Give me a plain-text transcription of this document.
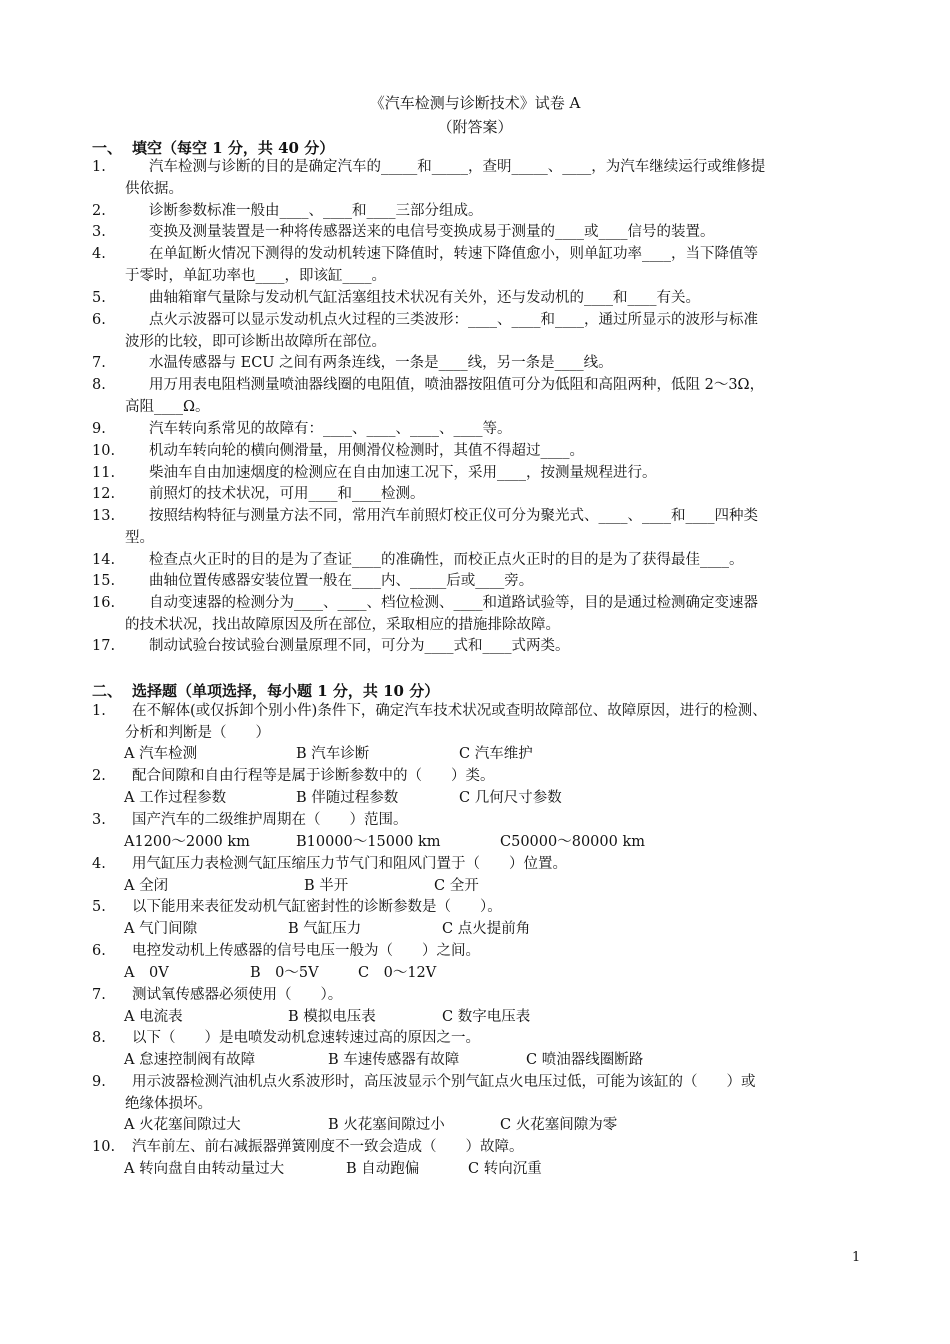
《汽车检测与诊断技术》试卷 A
（附答案）
一、 填空（每空 1 分，共 40 分）
1.	汽车检测与诊断的目的是确定汽车的_____和_____，查明_____、____，为汽车继续运行或维修提
供依据。
2.	诊断参数标准一般由____、____和____三部分组成。
3.	变换及测量装置是一种将传感器送来的电信号变换成易于测量的____或____信号的装置。
4.	在单缸断火情况下测得的发动机转速下降值时，转速下降值愈小，则单缸功率____，当下降值等
于零时，单缸功率也____，即该缸____。
5.	曲轴箱窜气量除与发动机气缸活塞组技术状况有关外，还与发动机的____和____有关。
6.	点火示波器可以显示发动机点火过程的三类波形：____、____和____，通过所显示的波形与标准
波形的比较，即可诊断出故障所在部位。
7.	水温传感器与 ECU 之间有两条连线，一条是____线，另一条是____线。
8.	用万用表电阻档测量喷油器线圈的电阻值，喷油器按阻值可分为低阻和高阻两种，低阻 2～3Ω，
高阻____Ω。
9.	汽车转向系常见的故障有：____、____、____、____等。
10.	机动车转向轮的横向侧滑量，用侧滑仪检测时，其值不得超过____。
11.	柴油车自由加速烟度的检测应在自由加速工况下，采用____，按测量规程进行。
12.	前照灯的技术状况，可用____和____检测。
13.	按照结构特征与测量方法不同，常用汽车前照灯校正仪可分为聚光式、____、____和____四种类
型。
14.	检查点火正时的目的是为了查证____的准确性，而校正点火正时的目的是为了获得最佳____。
15.	曲轴位置传感器安装位置一般在____内、_____后或____旁。
16.	自动变速器的检测分为____、____、档位检测、____和道路试验等，目的是通过检测确定变速器
的技术状况，找出故障原因及所在部位，采取相应的措施排除故障。
17.	制动试验台按试验台测量原理不同，可分为____式和____式两类。
二、 选择题（单项选择，每小题 1 分，共 10 分）
1.	在不解体(或仅拆卸个别小件)条件下，确定汽车技术状况或查明故障部位、故障原因，进行的检测、
分析和判断是（　　）
A 汽车检测	B 汽车诊断	C 汽车维护
2.	配合间隙和自由行程等是属于诊断参数中的（　　）类。
A 工作过程参数	B 伴随过程参数	C 几何尺寸参数
3.	国产汽车的二级维护周期在（　　）范围。
A1200～2000 km	B10000～15000 km	C50000～80000 km
4.	用气缸压力表检测气缸压缩压力节气门和阻风门置于（　　）位置。
A 全闭	B 半开	C 全开
5.	以下能用来表征发动机气缸密封性的诊断参数是（　　）。
A 气门间隙	B 气缸压力	C 点火提前角
6.	电控发动机上传感器的信号电压一般为（　　）之间。
A　0V	B　0～5V	C　0～12V
7.	测试氧传感器必须使用（　　）。
A 电流表	B 模拟电压表	C 数字电压表
8.	以下（　　）是电喷发动机怠速转速过高的原因之一。
A 怠速控制阀有故障	B 车速传感器有故障	C 喷油器线圈断路
9.	用示波器检测汽油机点火系波形时，高压波显示个别气缸点火电压过低，可能为该缸的（　　）或
绝缘体损坏。
A 火花塞间隙过大	B 火花塞间隙过小	C 火花塞间隙为零
10.	汽车前左、前右减振器弹簧刚度不一致会造成（　　）故障。
A 转向盘自由转动量过大	B 自动跑偏	C 转向沉重
1
